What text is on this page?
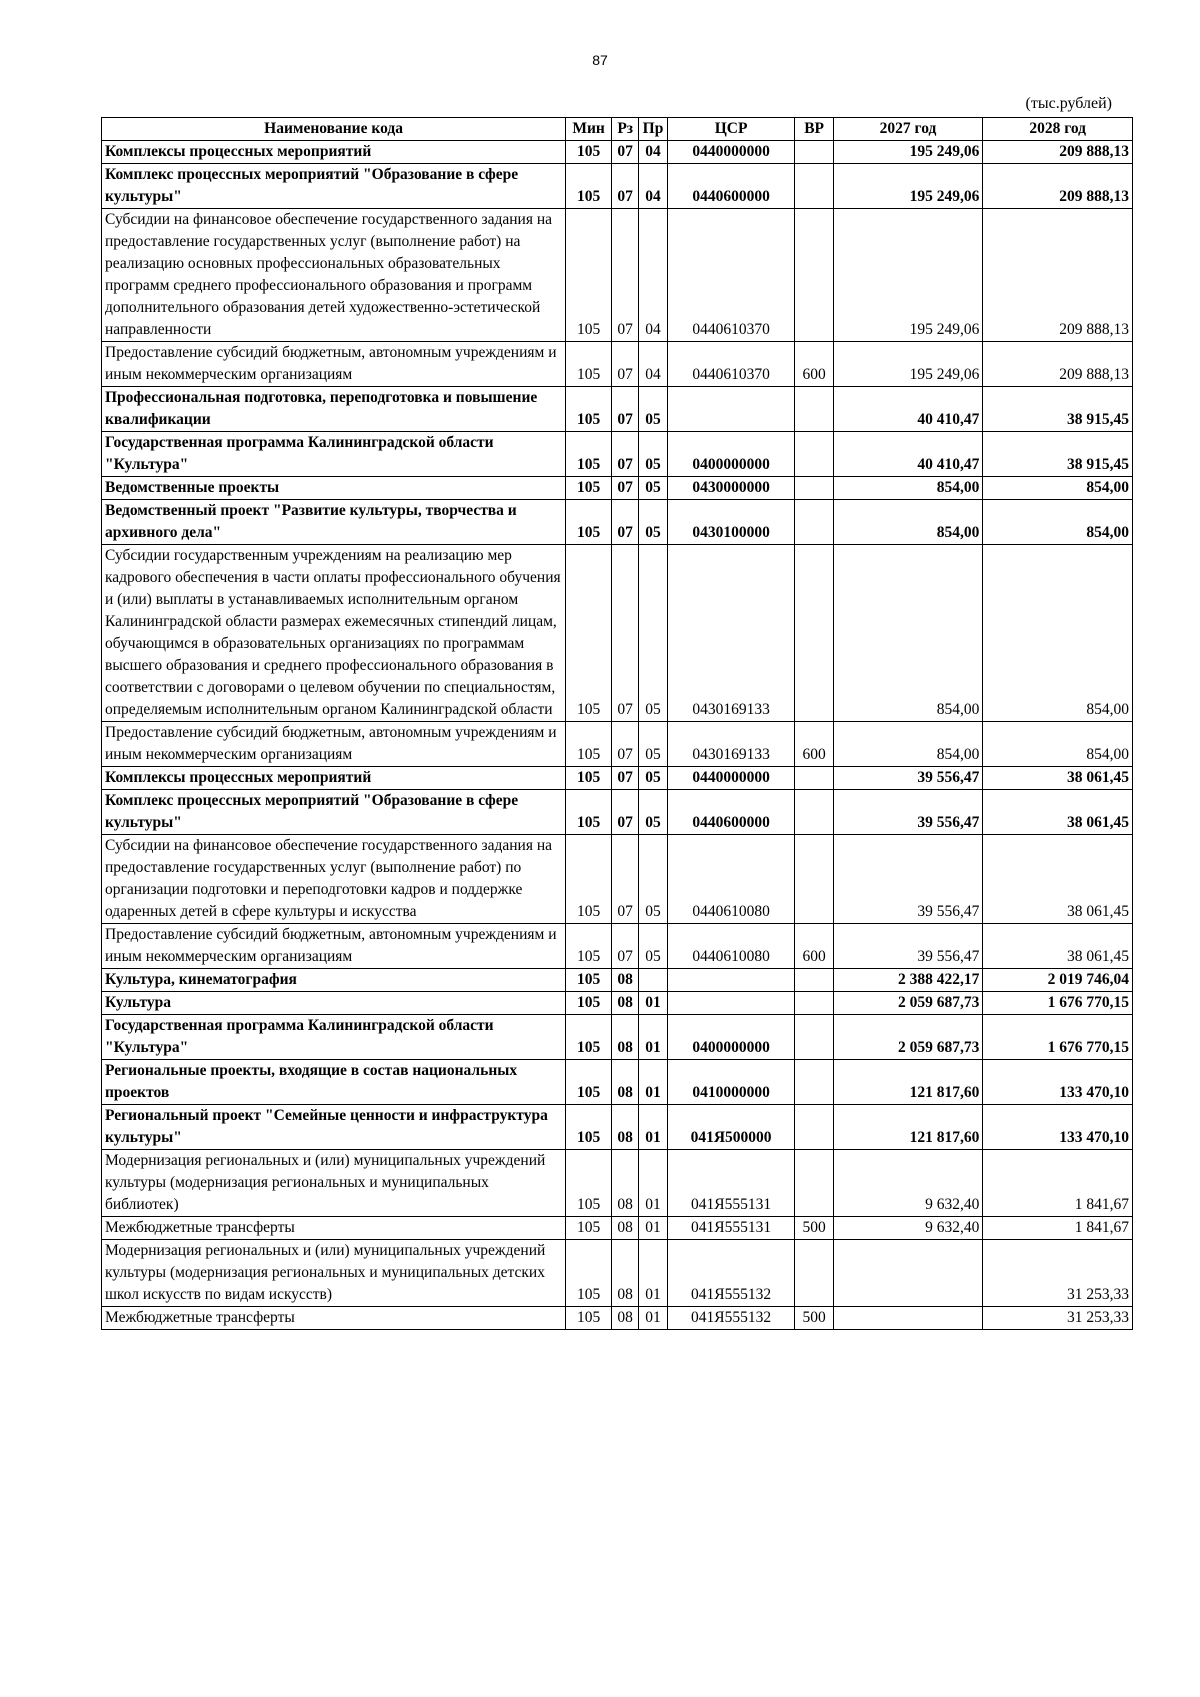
87
(тыс.рублей)
Наименование кода	Мин	Рз	Пр	ЦСР	ВР	2027 год	2028 год
Комплексы процессных мероприятий	105	07	04	0440000000		195 249,06	209 888,13
Комплекс процессных мероприятий "Образование в сфере культуры"	105	07	04	0440600000		195 249,06	209 888,13
Субсидии на финансовое обеспечение государственного задания на предоставление государственных услуг (выполнение работ) на реализацию основных профессиональных образовательных программ среднего профессионального образования и программ дополнительного образования детей художественно-эстетической направленности	105	07	04	0440610370		195 249,06	209 888,13
Предоставление субсидий бюджетным, автономным учреждениям и иным некоммерческим организациям	105	07	04	0440610370	600	195 249,06	209 888,13
Профессиональная подготовка, переподготовка и повышение квалификации	105	07	05			40 410,47	38 915,45
Государственная программа Калининградской области "Культура"	105	07	05	0400000000		40 410,47	38 915,45
Ведомственные проекты	105	07	05	0430000000		854,00	854,00
Ведомственный проект "Развитие культуры, творчества и архивного дела"	105	07	05	0430100000		854,00	854,00
Субсидии государственным учреждениям на реализацию мер кадрового обеспечения в части оплаты профессионального обучения и (или) выплаты в устанавливаемых исполнительным органом Калининградской области размерах ежемесячных стипендий лицам, обучающимся в образовательных организациях по программам высшего образования и среднего профессионального образования в соответствии с договорами о целевом обучении по специальностям, определяемым исполнительным органом Калининградской области	105	07	05	0430169133		854,00	854,00
Предоставление субсидий бюджетным, автономным учреждениям и иным некоммерческим организациям	105	07	05	0430169133	600	854,00	854,00
Комплексы процессных мероприятий	105	07	05	0440000000		39 556,47	38 061,45
Комплекс процессных мероприятий "Образование в сфере культуры"	105	07	05	0440600000		39 556,47	38 061,45
Субсидии на финансовое обеспечение государственного задания на предоставление государственных услуг (выполнение работ) по организации подготовки и переподготовки кадров и поддержке одаренных детей в сфере культуры и искусства	105	07	05	0440610080		39 556,47	38 061,45
Предоставление субсидий бюджетным, автономным учреждениям и иным некоммерческим организациям	105	07	05	0440610080	600	39 556,47	38 061,45
Культура, кинематография	105	08				2 388 422,17	2 019 746,04
Культура	105	08	01			2 059 687,73	1 676 770,15
Государственная программа Калининградской области "Культура"	105	08	01	0400000000		2 059 687,73	1 676 770,15
Региональные проекты, входящие в состав национальных проектов	105	08	01	0410000000		121 817,60	133 470,10
Региональный проект "Семейные ценности и инфраструктура культуры"	105	08	01	041Я500000		121 817,60	133 470,10
Модернизация региональных и (или) муниципальных учреждений культуры (модернизация региональных и муниципальных библиотек)	105	08	01	041Я555131		9 632,40	1 841,67
Межбюджетные трансферты	105	08	01	041Я555131	500	9 632,40	1 841,67
Модернизация региональных и (или) муниципальных учреждений культуры (модернизация региональных и муниципальных детских школ искусств по видам искусств)	105	08	01	041Я555132			31 253,33
Межбюджетные трансферты	105	08	01	041Я555132	500		31 253,33
